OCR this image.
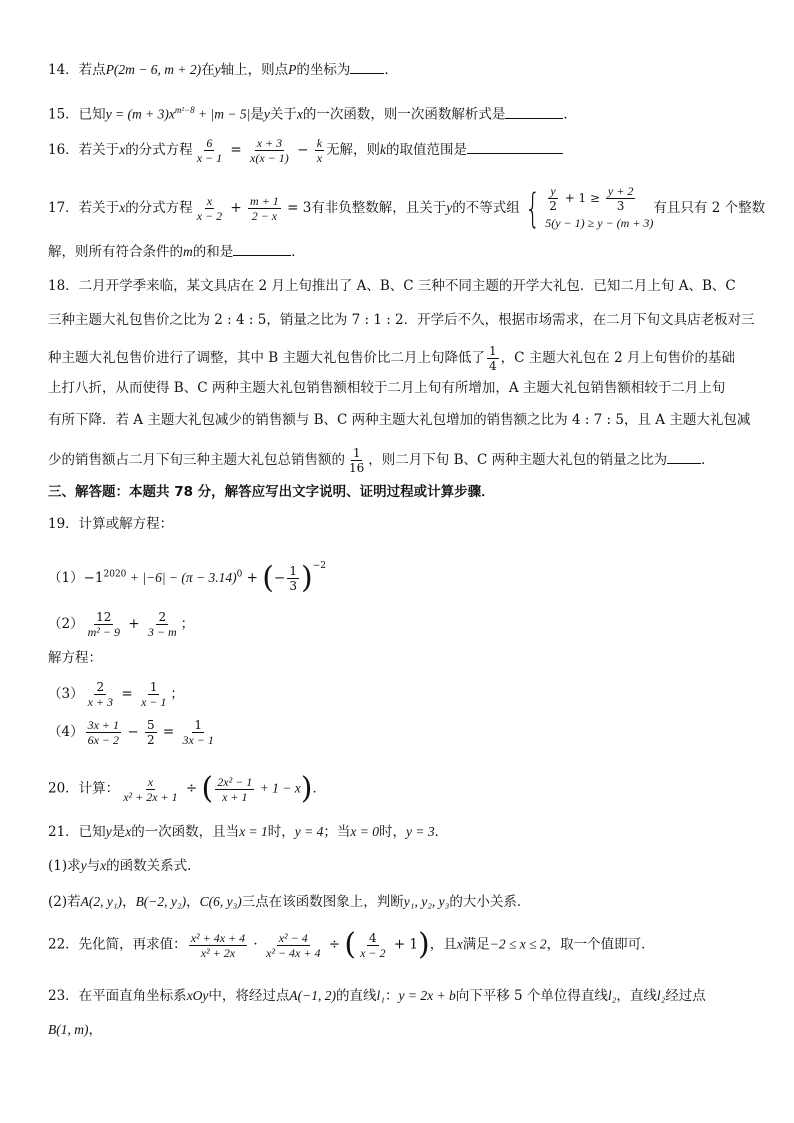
14．若点P(2m − 6, m + 2)在y轴上，则点P的坐标为	．
15．已知$y = (m + 3)x^{m^2-8} + |m - 5|$是y关于x的一次函数，则一次函数解析式是	．
16．若关于x的分式方程 $\frac{6}{x - 1} = \frac{x + 3}{x(x - 1)} - \frac{k}{x}$ 无解，则k的取值范围是
17．若关于x的分式方程 $\frac{x}{x - 2} + \frac{m + 1}{2 - x} = 3$有非负整数解，且关于y的不等式组 { $\frac{y}{2} + 1 \ge \frac{y + 2}{3}$
5(y − 1) ≥ y − (m + 3)
有且只有 2 个整数
解，则所有符合条件的m的和是	．
18．二月开学季来临，某文具店在 2 月上旬推出了 A、B、C 三种不同主题的开学大礼包．已知二月上旬 A、B、C
三种主题大礼包售价之比为 2 : 4 : 5，销量之比为 7 : 1 : 2．开学后不久，根据市场需求，在二月下旬文具店老板对三
种主题大礼包售价进行了调整，其中 B 主题大礼包售价比二月上旬降低了 $\frac{1}{4}$ ，C 主题大礼包在 2 月上旬售价的基础
上打八折，从而使得 B、C 两种主题大礼包销售额相较于二月上旬有所增加，A 主题大礼包销售额相较于二月上旬
有所下降．若 A 主题大礼包减少的销售额与 B、C 两种主题大礼包增加的销售额之比为 4 : 7 : 5，且 A 主题大礼包减
少的销售额占二月下旬三种主题大礼包总销售额的 $\frac{1}{16}$ ，则二月下旬 B、C 两种主题大礼包的销量之比为	．
三、解答题：本题共 78 分，解答应写出文字说明、证明过程或计算步骤．
19．计算或解方程：
$(1)-1^{2020} + |-6| - (\pi - 3.14)^0$ + (− $\frac{1}{3} )^{-2}$
$(2) \frac{12}{\text{m² − 9}} + \frac{2}{3 - m}$ ；
解方程：
$(3) \frac{2}{x + 3} = \frac{1}{x - 1}$ ；
$(4) \frac{3x + 1}{6x - 2} - \frac{5}{2} = \frac{1}{3x - 1}$
20．计算： $\frac{x}{\text{x² + 2x + 1}}$ ÷ ( $\frac{\text{2x² − 1}}{x + 1} + 1 - x$)．
21．已知y是x的一次函数，且当x = 1时，y = 4；当x = 0时，y = 3．
(1)求y与x的函数关系式．
(2)若A(2, y₁)，B(−2, y₂)，C(6, y₃)三点在该函数图象上，判断y₁, y₂, y₃的大小关系．
22．先化简，再求值： $\frac{\text{x² + 4x + 4}}{\text{x² + 2x}} \cdot \frac{\text{x² − 4}}{\text{x² − 4x + 4}}$ ÷ ( $\frac{4}{x - 2} + 1$)，且x满足−2 ≤ x ≤ 2，取一个值即可．
23．在平面直角坐标系xOy中，将经过点A(−1, 2)的直线l₁：y = 2x + b向下平移 5 个单位得直线l₂，直线l₂经过点
B(1, m)，
